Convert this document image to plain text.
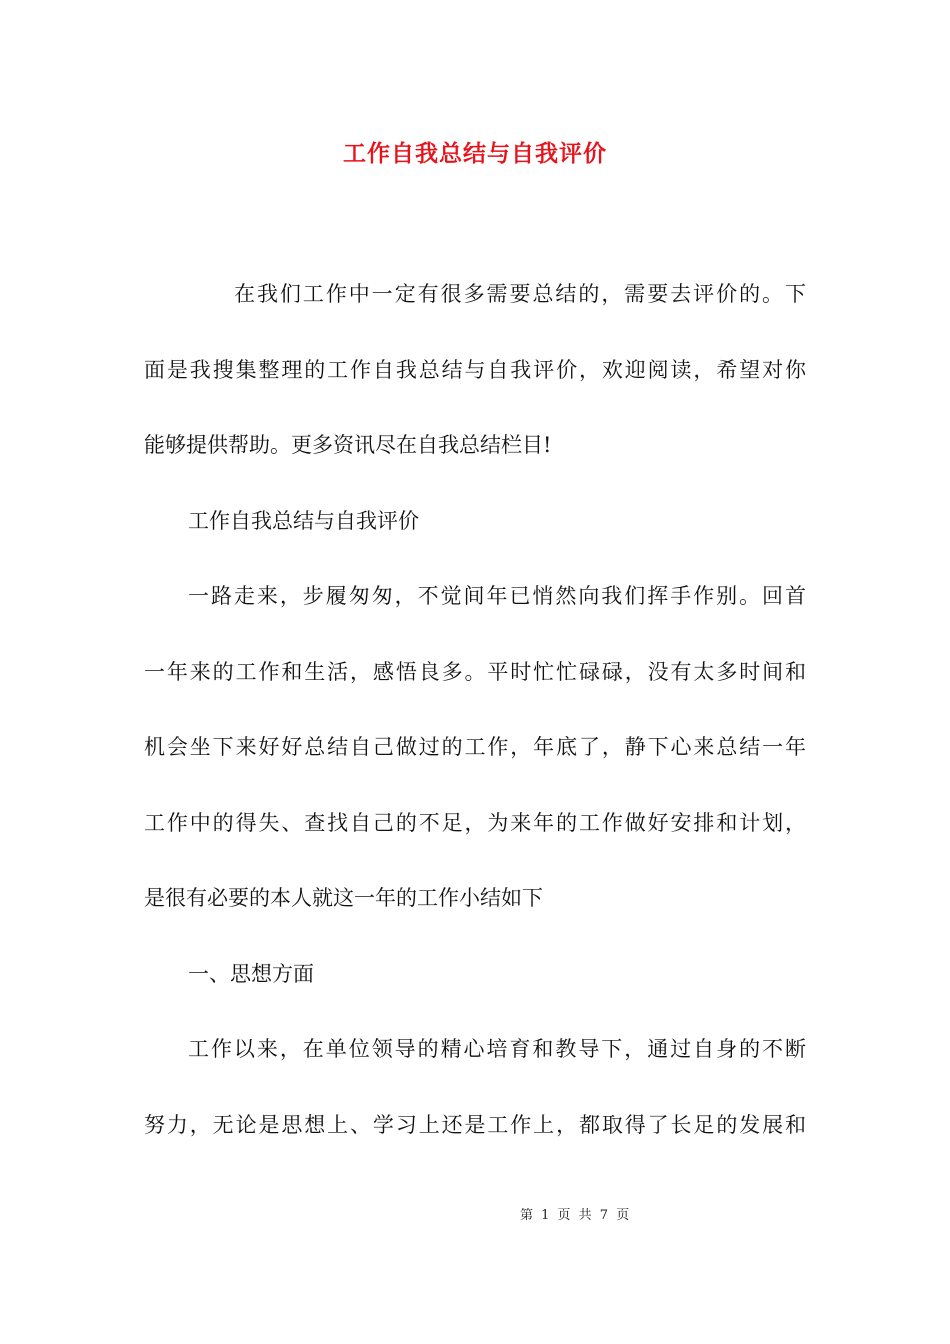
工作自我总结与自我评价
在我们工作中一定有很多需要总结的，需要去评价的。下
面是我搜集整理的工作自我总结与自我评价，欢迎阅读，希望对你
能够提供帮助。更多资讯尽在自我总结栏目!
工作自我总结与自我评价
一路走来，步履匆匆，不觉间年已悄然向我们挥手作别。回首
一年来的工作和生活，感悟良多。平时忙忙碌碌，没有太多时间和
机会坐下来好好总结自己做过的工作，年底了，静下心来总结一年
工作中的得失、查找自己的不足，为来年的工作做好安排和计划，
是很有必要的本人就这一年的工作小结如下
一、思想方面
工作以来，在单位领导的精心培育和教导下，通过自身的不断
努力，无论是思想上、学习上还是工作上，都取得了长足的发展和
第 1 页 共 7 页
